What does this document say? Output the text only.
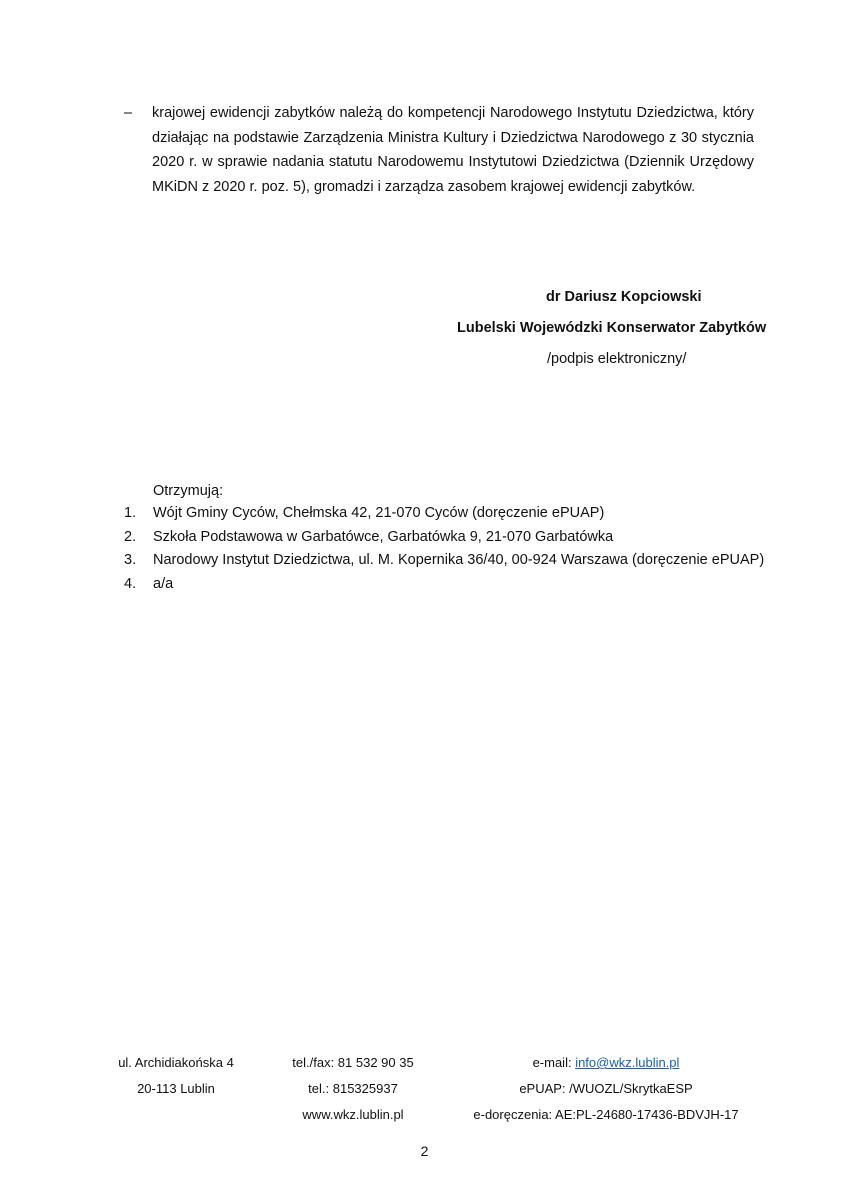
–	krajowej ewidencji zabytków należą do kompetencji Narodowego Instytutu Dziedzictwa, który działając na podstawie Zarządzenia Ministra Kultury i Dziedzictwa Narodowego z 30 stycznia 2020 r. w sprawie nadania statutu Narodowemu Instytutowi Dziedzictwa (Dziennik Urzędowy MKiDN z 2020 r. poz. 5), gromadzi i zarządza zasobem krajowej ewidencji zabytków.

dr Dariusz Kopciowski
Lubelski Wojewódzki Konserwator Zabytków
/podpis elektroniczny/
Otrzymują:
1.	Wójt Gminy Cyców, Chełmska 42, 21-070 Cyców (doręczenie ePUAP)
2.	Szkoła Podstawowa w Garbatówce, Garbatówka 9, 21-070 Garbatówka
3.	Narodowy Instytut Dziedzictwa, ul. M. Kopernika 36/40, 00-924 Warszawa (doręczenie ePUAP)
4.	a/a
ul. Archidiakońska 4
20-113 Lublin
tel./fax: 81 532 90 35
tel.: 815325937
www.wkz.lublin.pl
e-mail: info@wkz.lublin.pl
ePUAP: /WUOZL/SkrytkaESP
e-doręczenia: AE:PL-24680-17436-BDVJH-17
2
